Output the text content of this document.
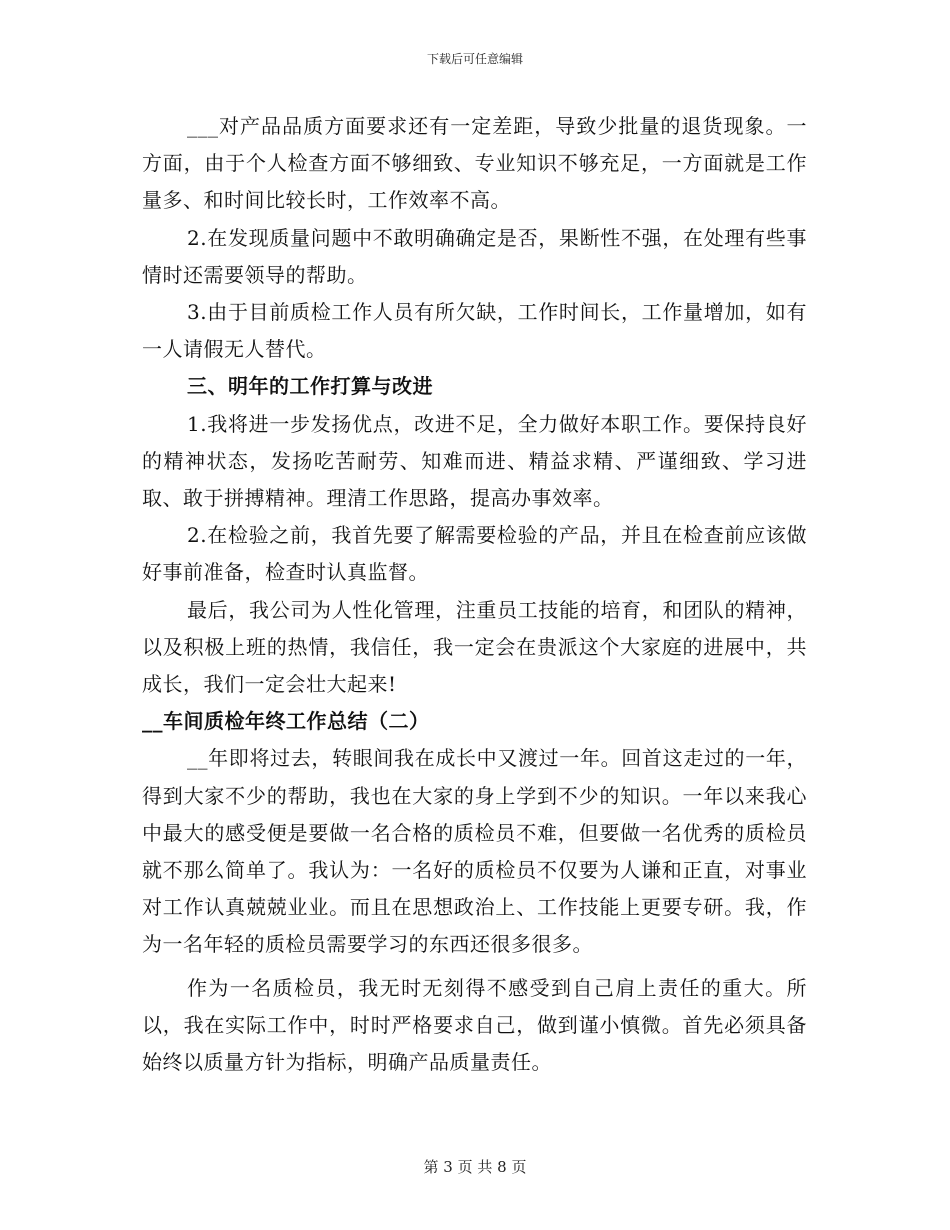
下载后可任意编辑

___对产品品质方面要求还有一定差距，导致少批量的退货现象。一方面，由于个人检查方面不够细致、专业知识不够充足，一方面就是工作量多、和时间比较长时，工作效率不高。

2.在发现质量问题中不敢明确确定是否，果断性不强，在处理有些事情时还需要领导的帮助。

3.由于目前质检工作人员有所欠缺，工作时间长，工作量增加，如有一人请假无人替代。

三、明年的工作打算与改进

1.我将进一步发扬优点，改进不足，全力做好本职工作。要保持良好的精神状态，发扬吃苦耐劳、知难而进、精益求精、严谨细致、学习进取、敢于拼搏精神。理清工作思路，提高办事效率。

2.在检验之前，我首先要了解需要检验的产品，并且在检查前应该做好事前准备，检查时认真监督。

最后，我公司为人性化管理，注重员工技能的培育，和团队的精神，以及积极上班的热情，我信任，我一定会在贵派这个大家庭的进展中，共成长，我们一定会壮大起来!

__车间质检年终工作总结（二）

__年即将过去，转眼间我在成长中又渡过一年。回首这走过的一年，得到大家不少的帮助，我也在大家的身上学到不少的知识。一年以来我心中最大的感受便是要做一名合格的质检员不难，但要做一名优秀的质检员就不那么简单了。我认为：一名好的质检员不仅要为人谦和正直，对事业对工作认真兢兢业业。而且在思想政治上、工作技能上更要专研。我，作为一名年轻的质检员需要学习的东西还很多很多。

作为一名质检员，我无时无刻得不感受到自己肩上责任的重大。所以，我在实际工作中，时时严格要求自己，做到谨小慎微。首先必须具备始终以质量方针为指标，明确产品质量责任。

第 3 页 共 8 页
